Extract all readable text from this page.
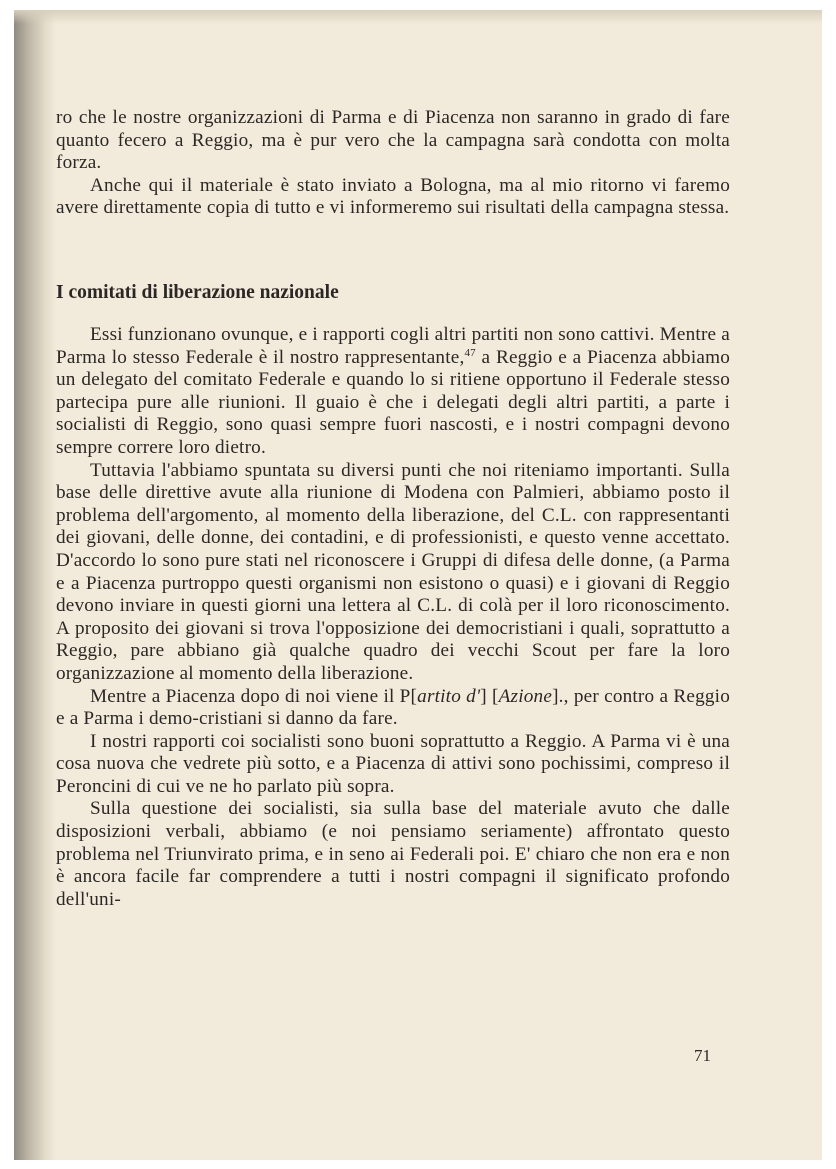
ro che le nostre organizzazioni di Parma e di Piacenza non saranno in grado di fare quanto fecero a Reggio, ma è pur vero che la campagna sarà condotta con molta forza.

Anche qui il materiale è stato inviato a Bologna, ma al mio ritorno vi faremo avere direttamente copia di tutto e vi informeremo sui risultati della campagna stessa.

I comitati di liberazione nazionale

Essi funzionano ovunque, e i rapporti cogli altri partiti non sono cattivi. Mentre a Parma lo stesso Federale è il nostro rappresentante,$^{47}$ a Reggio e a Piacenza abbiamo un delegato del comitato Federale e quando lo si ritiene opportuno il Federale stesso partecipa pure alle riunioni. Il guaio è che i delegati degli altri partiti, a parte i socialisti di Reggio, sono quasi sempre fuori nascosti, e i nostri compagni devono sempre correre loro dietro.

Tuttavia l'abbiamo spuntata su diversi punti che noi riteniamo importanti. Sulla base delle direttive avute alla riunione di Modena con Palmieri, abbiamo posto il problema dell'argomento, al momento della liberazione, del C.L. con rappresentanti dei giovani, delle donne, dei contadini, e di professionisti, e questo venne accettato. D'accordo lo sono pure stati nel riconoscere i Gruppi di difesa delle donne, (a Parma e a Piacenza purtroppo questi organismi non esistono o quasi) e i giovani di Reggio devono inviare in questi giorni una lettera al C.L. di colà per il loro riconoscimento. A proposito dei giovani si trova l'opposizione dei democristiani i quali, soprattutto a Reggio, pare abbiano già qualche quadro dei vecchi Scout per fare la loro organizzazione al momento della liberazione.

Mentre a Piacenza dopo di noi viene il P[artito d'] [Azione]., per contro a Reggio e a Parma i demo-cristiani si danno da fare.

I nostri rapporti coi socialisti sono buoni soprattutto a Reggio. A Parma vi è una cosa nuova che vedrete più sotto, e a Piacenza di attivi sono pochissimi, compreso il Peroncini di cui ve ne ho parlato più sopra.

Sulla questione dei socialisti, sia sulla base del materiale avuto che dalle disposizioni verbali, abbiamo (e noi pensiamo seriamente) affrontato questo problema nel Triunvirato prima, e in seno ai Federali poi. E' chiaro che non era e non è ancora facile far comprendere a tutti i nostri compagni il significato profondo dell'uni-

71
